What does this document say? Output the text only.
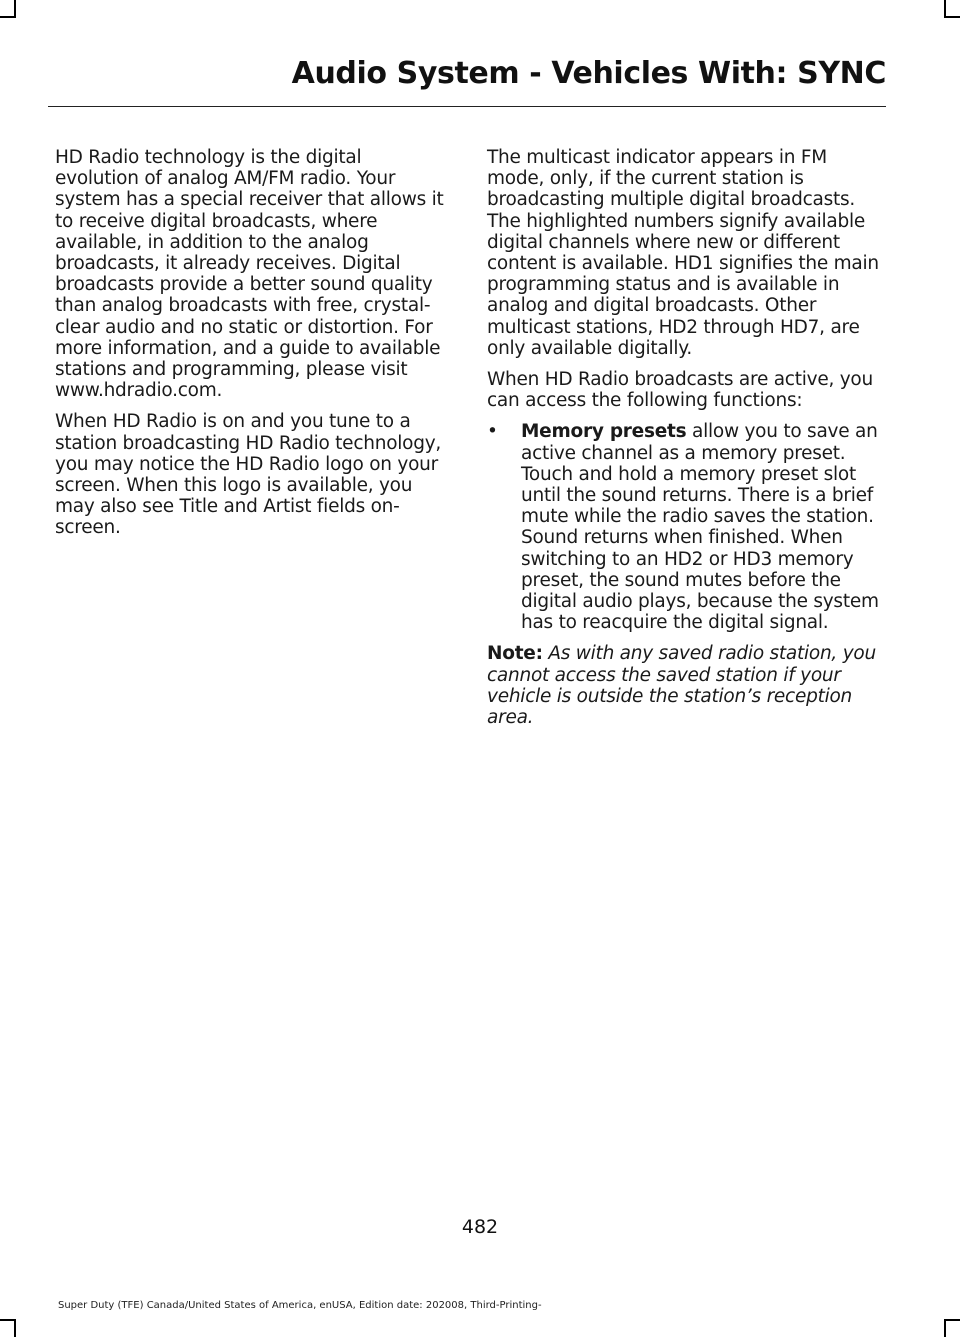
Audio System - Vehicles With: SYNC

HD Radio technology is the digital evolution of analog AM/FM radio. Your system has a special receiver that allows it to receive digital broadcasts, where available, in addition to the analog broadcasts, it already receives. Digital broadcasts provide a better sound quality than analog broadcasts with free, crystal-clear audio and no static or distortion. For more information, and a guide to available stations and programming, please visit www.hdradio.com.

When HD Radio is on and you tune to a station broadcasting HD Radio technology, you may notice the HD Radio logo on your screen. When this logo is available, you may also see Title and Artist fields on-screen.

The multicast indicator appears in FM mode, only, if the current station is broadcasting multiple digital broadcasts. The highlighted numbers signify available digital channels where new or different content is available. HD1 signifies the main programming status and is available in analog and digital broadcasts. Other multicast stations, HD2 through HD7, are only available digitally.

When HD Radio broadcasts are active, you can access the following functions:

• Memory presets allow you to save an active channel as a memory preset. Touch and hold a memory preset slot until the sound returns. There is a brief mute while the radio saves the station. Sound returns when finished. When switching to an HD2 or HD3 memory preset, the sound mutes before the digital audio plays, because the system has to reacquire the digital signal.

Note: As with any saved radio station, you cannot access the saved station if your vehicle is outside the station’s reception area.

482
Super Duty (TFE) Canada/United States of America, enUSA, Edition date: 202008, Third-Printing-
